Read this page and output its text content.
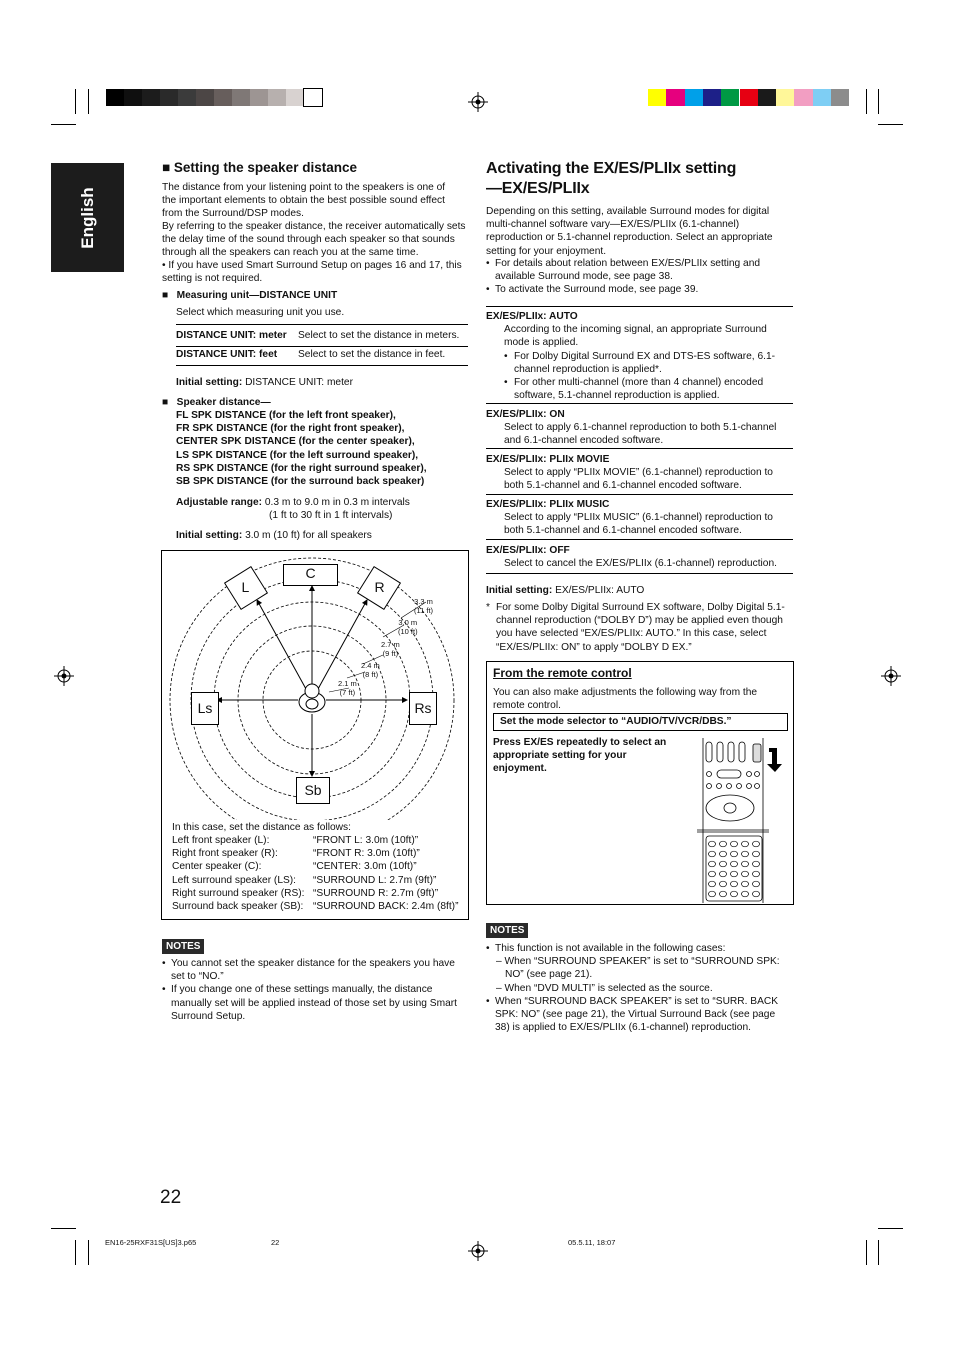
English
■ Setting the speaker distance
The distance from your listening point to the speakers is one of the important elements to obtain the best possible sound effect from the Surround/DSP modes.
By referring to the speaker distance, the receiver automatically sets the delay time of the sound through each speaker so that sounds through all the speakers can reach you at the same time.
• If you have used Smart Surround Setup on pages 16 and 17, this setting is not required.
■   Measuring unit—DISTANCE UNIT
Select which measuring unit you use.
DISTANCE UNIT: meter Select to set the distance in meters.
DISTANCE UNIT: feet Select to set the distance in feet.
Initial setting: DISTANCE UNIT: meter
■   Speaker distance—
FL SPK DISTANCE (for the left front speaker),
FR SPK DISTANCE (for the right front speaker),
CENTER SPK DISTANCE (for the center speaker),
LS SPK DISTANCE (for the left surround speaker),
RS SPK DISTANCE (for the right surround speaker),
SB SPK DISTANCE (for the surround back speaker)
Adjustable range: 0.3 m to 9.0 m in 0.3 m intervals
(1 ft to 30 ft in 1 ft intervals)
Initial setting: 3.0 m (10 ft) for all speakers
C
L	R
Ls	Rs
Sb
3.3 m
(11 ft)
3.0 m
(10 ft)
2.7 m
(9 ft)
2.4 m
(8 ft)
2.1 m
(7 ft)
In this case, set the distance as follows:
Left front speaker (L):	“FRONT L: 3.0m (10ft)”
Right front speaker (R):	“FRONT R: 3.0m (10ft)”
Center speaker (C):	“CENTER: 3.0m (10ft)”
Left surround speaker (LS): “SURROUND L: 2.7m (9ft)”
Right surround speaker (RS): “SURROUND R: 2.7m (9ft)”
Surround back speaker (SB): “SURROUND BACK: 2.4m (8ft)”
NOTES
• You cannot set the speaker distance for the speakers you have set to “NO.”
• If you change one of these settings manually, the distance manually set will be applied instead of those set by using Smart Surround Setup.
Activating the EX/ES/PLIIx setting
—EX/ES/PLIIx
Depending on this setting, available Surround modes for digital multi-channel software vary—EX/ES/PLIIx (6.1-channel) reproduction or 5.1-channel reproduction. Select an appropriate setting for your enjoyment.
• For details about relation between EX/ES/PLIIx setting and available Surround mode, see page 38.
• To activate the Surround mode, see page 39.
EX/ES/PLIIx: AUTO
According to the incoming signal, an appropriate Surround mode is applied.
• For Dolby Digital Surround EX and DTS-ES software, 6.1-channel reproduction is applied*.
• For other multi-channel (more than 4 channel) encoded software, 5.1-channel reproduction is applied.
EX/ES/PLIIx: ON
Select to apply 6.1-channel reproduction to both 5.1-channel and 6.1-channel encoded software.
EX/ES/PLIIx: PLIIx MOVIE
Select to apply “PLIIx MOVIE” (6.1-channel) reproduction to both 5.1-channel and 6.1-channel encoded software.
EX/ES/PLIIx: PLIIx MUSIC
Select to apply “PLIIx MUSIC” (6.1-channel) reproduction to both 5.1-channel and 6.1-channel encoded software.
EX/ES/PLIIx: OFF
Select to cancel the EX/ES/PLIIx (6.1-channel) reproduction.
Initial setting: EX/ES/PLIIx: AUTO
* For some Dolby Digital Surround EX software, Dolby Digital 5.1-channel reproduction (“DOLBY D”) may be applied even though you have selected “EX/ES/PLIIx: AUTO.” In this case, select “EX/ES/PLIIx: ON” to apply “DOLBY D EX.”
From the remote control
You can also make adjustments the following way from the remote control.
Set the mode selector to “AUDIO/TV/VCR/DBS.”
Press EX/ES repeatedly to select an appropriate setting for your enjoyment.
NOTES
• This function is not available in the following cases:
– When “SURROUND SPEAKER” is set to “SURROUND SPK: NO” (see page 21).
– When “DVD MULTI” is selected as the source.
• When “SURROUND BACK SPEAKER” is set to “SURR. BACK SPK: NO” (see page 21), the Virtual Surround Back (see page 38) is applied to EX/ES/PLIIx (6.1-channel) reproduction.
22
EN16-25RXF31S[US]3.p65	22	05.5.11, 18:07
